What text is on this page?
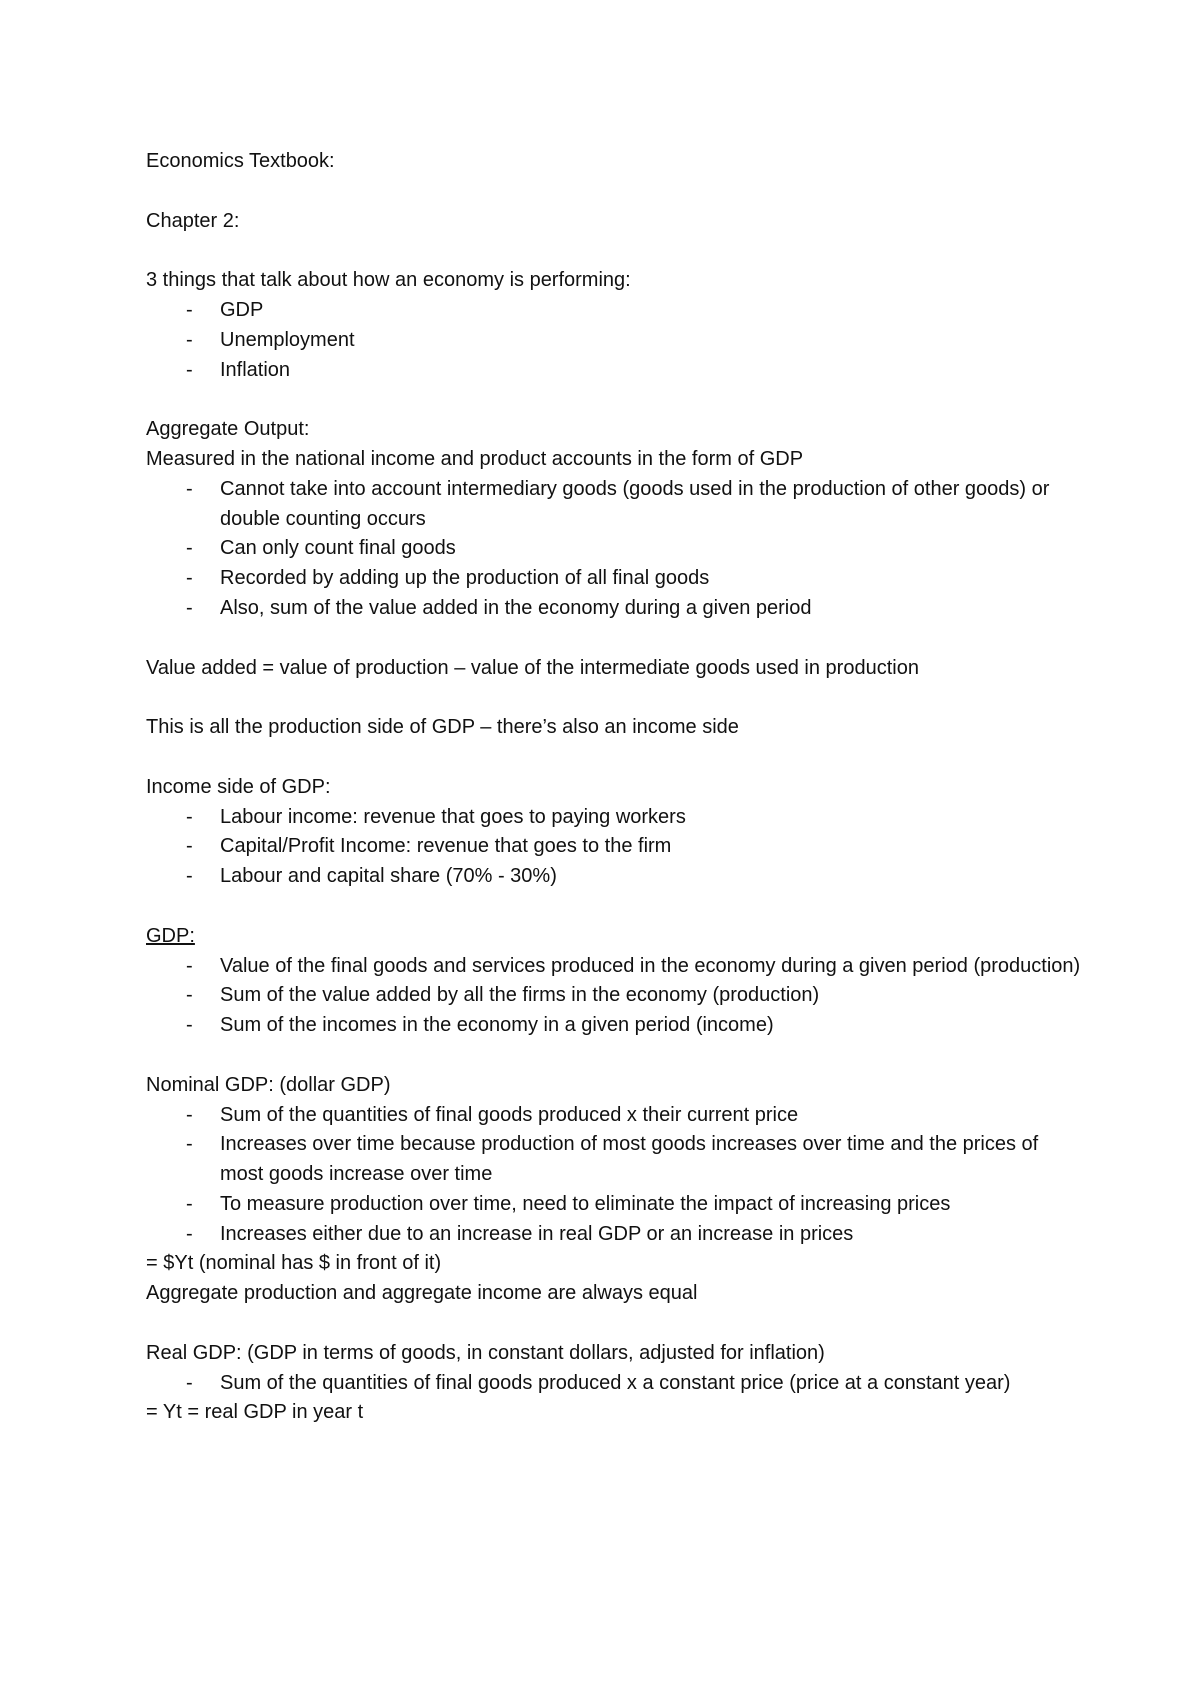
Economics Textbook:
Chapter 2:
3 things that talk about how an economy is performing:
- GDP
- Unemployment
- Inflation
Aggregate Output:
Measured in the national income and product accounts in the form of GDP
- Cannot take into account intermediary goods (goods used in the production of other goods) or double counting occurs
- Can only count final goods
- Recorded by adding up the production of all final goods
- Also, sum of the value added in the economy during a given period
Value added = value of production – value of the intermediate goods used in production
This is all the production side of GDP – there’s also an income side
Income side of GDP:
- Labour income: revenue that goes to paying workers
- Capital/Profit Income: revenue that goes to the firm
- Labour and capital share (70% - 30%)
GDP:
- Value of the final goods and services produced in the economy during a given period (production)
- Sum of the value added by all the firms in the economy (production)
- Sum of the incomes in the economy in a given period (income)
Nominal GDP: (dollar GDP)
- Sum of the quantities of final goods produced x their current price
- Increases over time because production of most goods increases over time and the prices of most goods increase over time
- To measure production over time, need to eliminate the impact of increasing prices
- Increases either due to an increase in real GDP or an increase in prices
= $Yt (nominal has $ in front of it)
Aggregate production and aggregate income are always equal
Real GDP: (GDP in terms of goods, in constant dollars, adjusted for inflation)
- Sum of the quantities of final goods produced x a constant price (price at a constant year)
= Yt = real GDP in year t
